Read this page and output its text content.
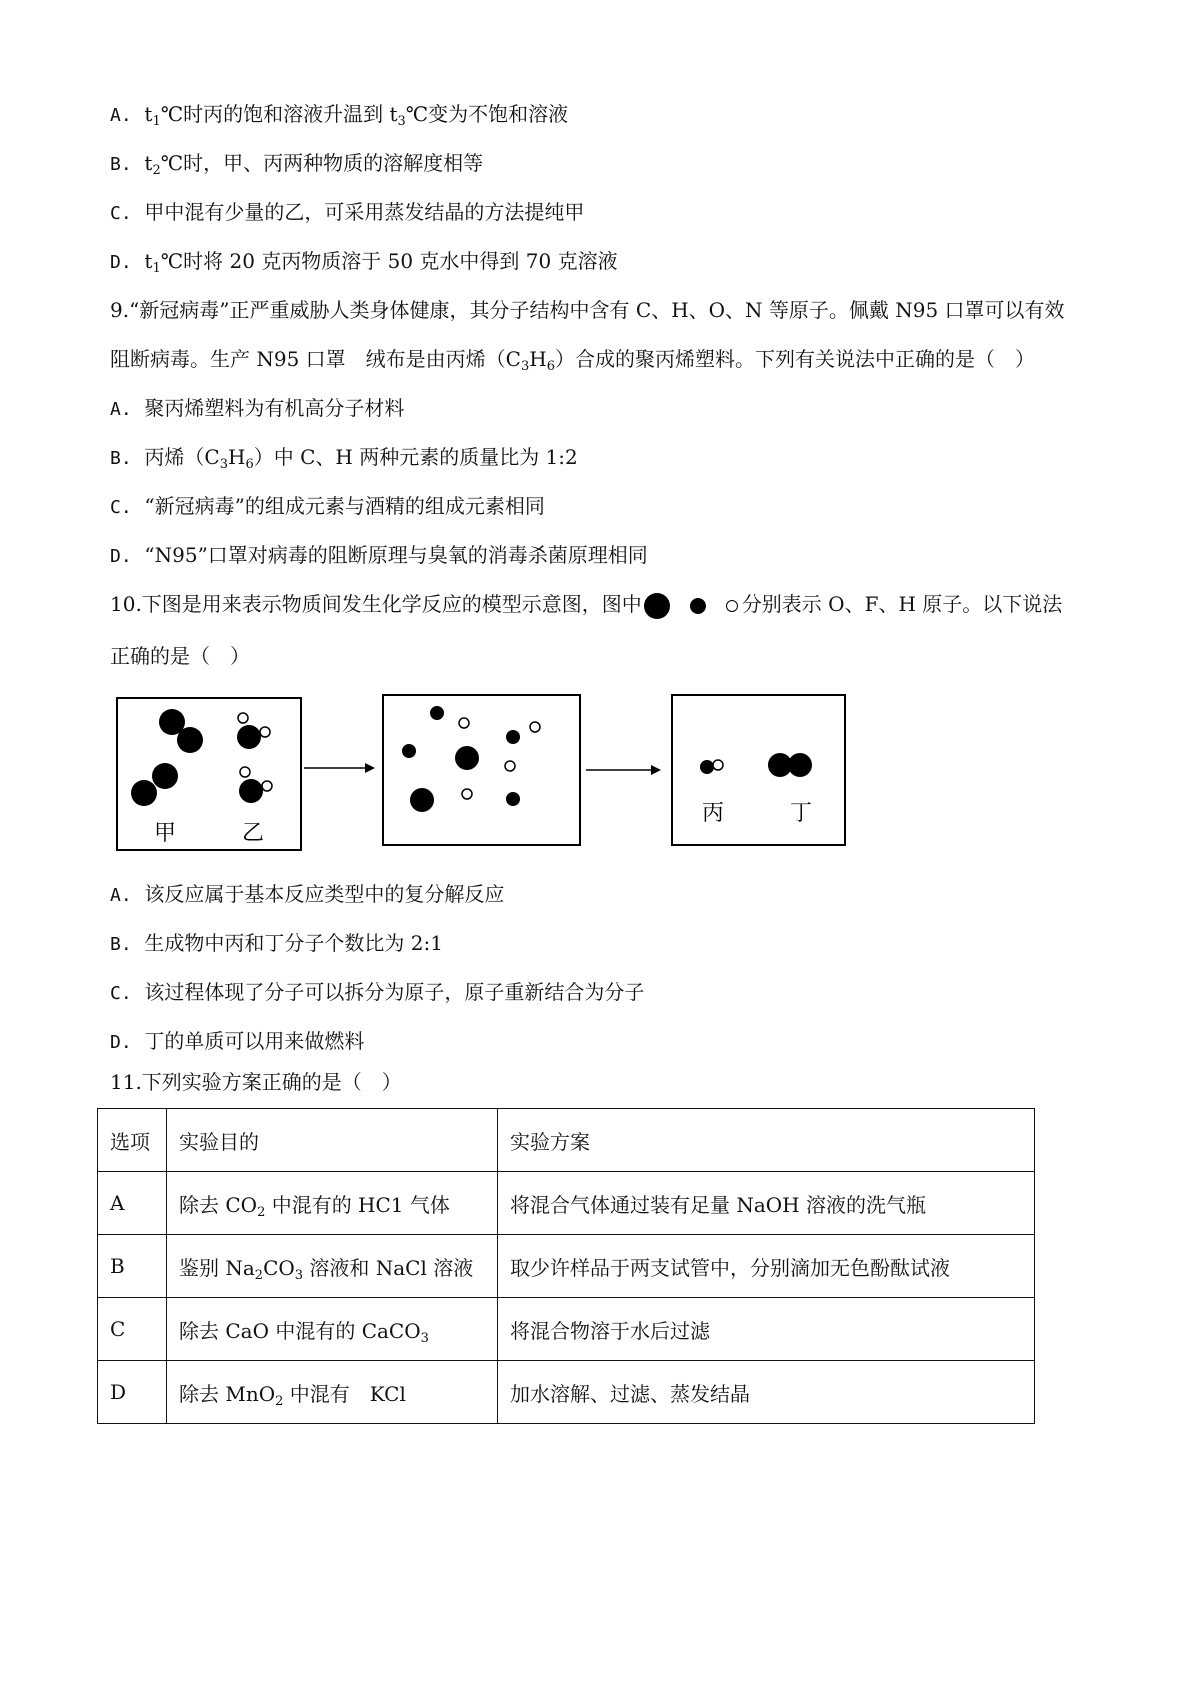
A. $t_1℃$时丙的饱和溶液升温到 $t_3℃$变为不饱和溶液
B. $t_2℃$时，甲、丙两种物质的溶解度相等
C. 甲中混有少量的乙，可采用蒸发结晶的方法提纯甲
D. $t_1℃$时将 20 克丙物质溶于 50 克水中得到 70 克溶液
9.“新冠病毒”正严重威胁人类身体健康，其分子结构中含有 C、H、O、N 等原子。佩戴 N95 口罩可以有效
阻断病毒。生产 N95 口罩　绒布是由丙烯$(C_3H_6)$合成的聚丙烯塑料。下列有关说法中正确的是（　）
A. 聚丙烯塑料为有机高分子材料
B. 丙烯$(C_3H_6)$中 C、H 两种元素的质量比为 1:2
C. “新冠病毒”的组成元素与酒精的组成元素相同
D. “N95”口罩对病毒的阻断原理与臭氧的消毒杀菌原理相同
10.下图是用来表示物质间发生化学反应的模型示意图，图中	分别表示 O、F、H 原子。以下说法
正确的是（　）
甲	乙
丙	丁
A. 该反应属于基本反应类型中的复分解反应
B. 生成物中丙和丁分子个数比为 2:1
C. 该过程体现了分子可以拆分为原子，原子重新结合为分子
D. 丁的单质可以用来做燃料
11.下列实验方案正确的是（　）
选项	实验目的	实验方案
A	除去 $CO_2$ 中混有的 HC1 气体	将混合气体通过装有足量 NaOH 溶液的洗气瓶
B	鉴别 $Na_2CO_3$ 溶液和 NaCl 溶液	取少许样品于两支试管中，分别滴加无色酚酞试液
C	除去 CaO 中混有的 CaCO$_3$	将混合物溶于水后过滤
D	除去 MnO$_2$ 中混有　KCl	加水溶解、过滤、蒸发结晶
